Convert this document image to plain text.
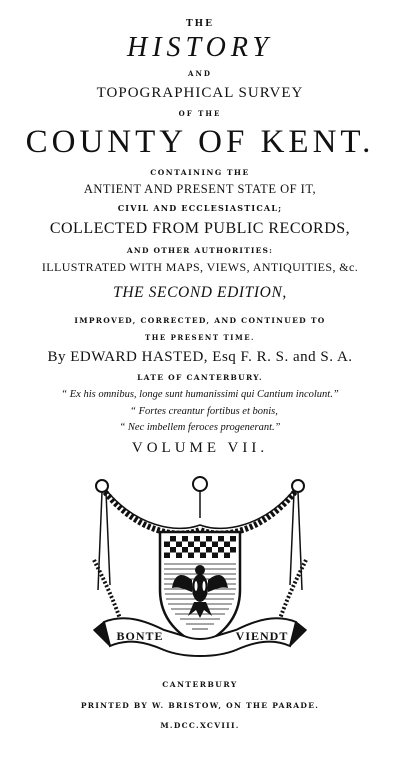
THE
HISTORY
AND
TOPOGRAPHICAL SURVEY
OF THE
COUNTY OF KENT.
CONTAINING THE
ANTIENT AND PRESENT STATE OF IT,
CIVIL AND ECCLESIASTICAL;
COLLECTED FROM PUBLIC RECORDS,
AND OTHER AUTHORITIES:
ILLUSTRATED WITH MAPS, VIEWS, ANTIQUITIES, &c.
THE SECOND EDITION,
IMPROVED, CORRECTED, AND CONTINUED TO
THE PRESENT TIME.
By EDWARD HASTED, Esq F. R. S. and S. A.
LATE OF CANTERBURY.
“ Ex his omnibus, longe sunt humanissimi qui Cantium incolunt.”
“ Fortes creantur fortibus et bonis,
“ Nec imbellem feroces progenerant.”
VOLUME VII.
BONTE	VIENDT
CANTERBURY
PRINTED BY W. BRISTOW, ON THE PARADE.
M.DCC.XCVIII.
